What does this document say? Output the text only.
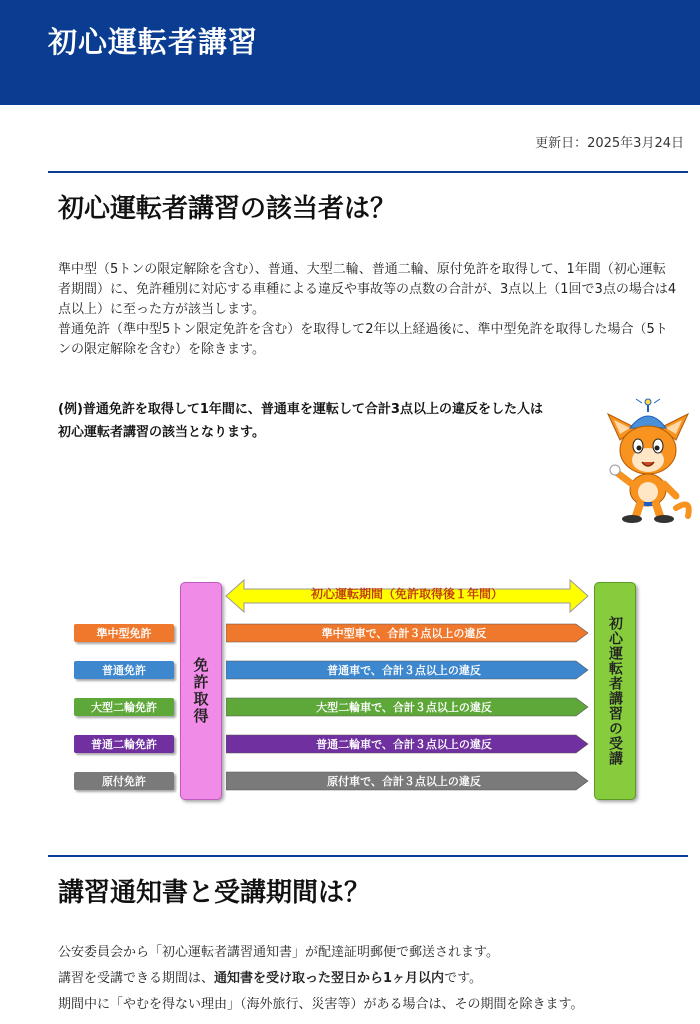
初心運転者講習
更新日：2025年3月24日
初心運転者講習の該当者は？

準中型（5トンの限定解除を含む）、普通、大型二輪、普通二輪、原付免許を取得して、1年間（初心運転者期間）に、免許種別に対応する車種による違反や事故等の点数の合計が、3点以上（1回で3点の場合は4点以上）に至った方が該当します。

普通免許（準中型5トン限定免許を含む）を取得して2年以上経過後に、準中型免許を取得した場合（5トンの限定解除を含む）を除きます。

(例)普通免許を取得して1年間に、普通車を運転して合計3点以上の違反をした人は

初心運転者講習の該当となります。

初心運転期間（免許取得後１年間）
免許取得	初心運転者講習の受講
準中型免許	準中型車で、合計３点以上の違反
普通免許	普通車で、合計３点以上の違反
大型二輪免許	大型二輪車で、合計３点以上の違反
普通二輪免許	普通二輪車で、合計３点以上の違反
原付免許	原付車で、合計３点以上の違反
講習通知書と受講期間は？

公安委員会から「初心運転者講習通知書」が配達証明郵便で郵送されます。

講習を受講できる期間は、通知書を受け取った翌日から1ヶ月以内です。

期間中に「やむを得ない理由」（海外旅行、災害等）がある場合は、その期間を除きます。
